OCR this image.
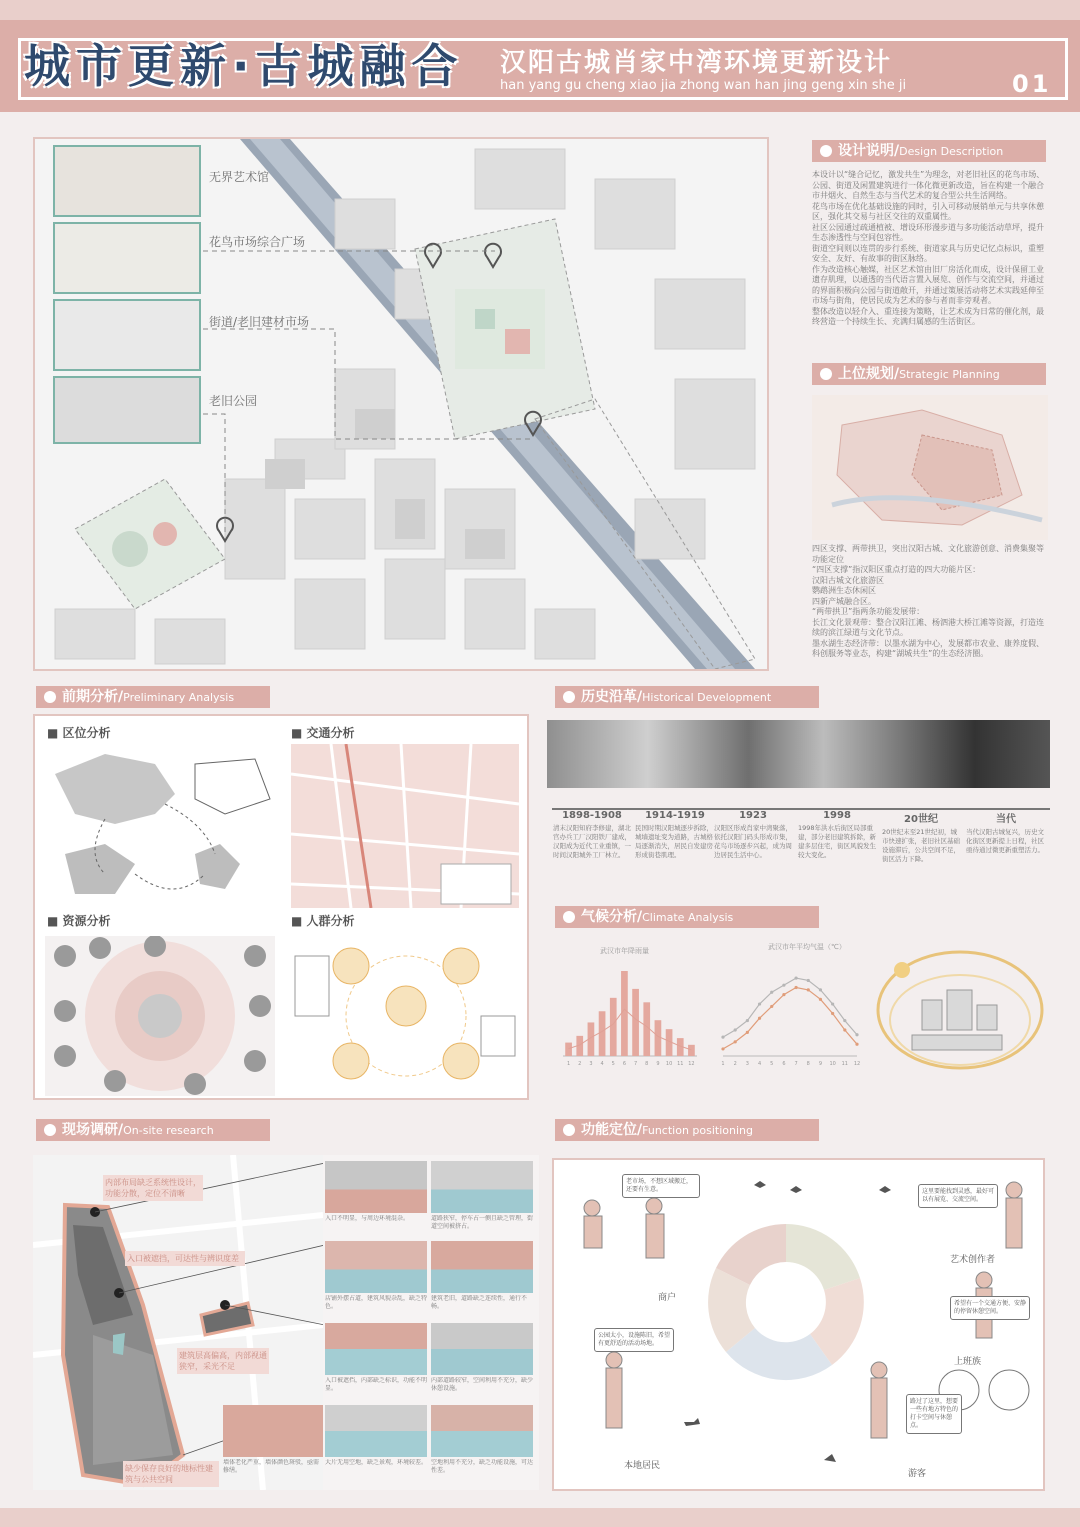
城市更新·古城融合 汉阳古城肖家中湾环境更新设计
han yang gu cheng xiao jia zhong wan han jing geng xin she ji	01
无界艺术馆
花鸟市场综合广场
街道/老旧建材市场
老旧公园
设计说明/Design Description
本设计以“缝合记忆，激发共生”为理念，对老旧社区的花鸟市场、公园、街道及闲置建筑进行一体化微更新改造，旨在构建一个融合市井烟火、自然生态与当代艺术的复合型公共生活网络。
花鸟市场在优化基础设施的同时，引入可移动展销单元与共享休憩区，强化其交易与社区交往的双重属性。
社区公园通过疏通植被、增设环形漫步道与多功能活动草坪，提升生态渗透性与空间包容性。
街道空间则以连贯的步行系统、街道家具与历史记忆点标识，重塑安全、友好、有故事的街区脉络。
作为改造核心触媒，社区艺术馆由旧厂房活化而成，设计保留工业遗存肌理，以通透的当代语言置入展览、创作与交流空间，并通过的界面积极向公园与街道敞开，并通过策展活动将艺术实践延伸至市场与街角，使居民成为艺术的参与者而非旁观者。
整体改造以轻介入、重连接为策略，让艺术成为日常的催化剂，最终营造一个持续生长、充满归属感的生活街区。
上位规划/Strategic Planning
四区支撑、两带拱卫，突出汉阳古城、文化旅游创意、消费集聚等功能定位
“四区支撑”指汉阳区重点打造的四大功能片区：
汉阳古城文化旅游区
鹦鹉洲生态休闲区
四新产城融合区。
“两带拱卫”指两条功能发展带：
长江文化景观带：整合汉阳江滩、杨泗港大桥江滩等资源，打造连续的滨江绿道与文化节点。
墨水湖生态经济带：以墨水湖为中心，发展都市农业、康养度假、科创服务等业态，构建“湖城共生”的生态经济圈。
前期分析/Preliminary Analysis
■ 区位分析	■ 交通分析
■ 资源分析	■ 人群分析
历史沿革/Historical Development
1898-1908
清末汉阳知府李修建，湖北官办兵工厂汉阳铁厂建成，汉阳成为近代工业重镇，一时间汉阳城外工厂林立。
1914-1919
民国时期汉阳城逐步拆除，城墙遗址变为道路，古城格局逐渐消失，居民自发建房形成街巷肌理。
1923
汉阳区形成肖家中湾聚落，依托汉阳门码头形成市集，花鸟市场逐步兴起，成为周边居民生活中心。
1998
1998年洪水后街区局部重建，部分老旧建筑拆除，新建多层住宅，街区风貌发生较大变化。
20世纪
20世纪末至21世纪初，城市快速扩张，老旧社区基础设施滞后，公共空间不足，街区活力下降。
当代
当代汉阳古城复兴，历史文化街区更新提上日程，社区亟待通过微更新重塑活力。
气候分析/Climate Analysis
武汉市年降雨量
1 2 3 4 5 6 7 8 9 10 11 12
武汉市年平均气温（℃）
1 2 3 4 5 6 7 8 9 10 11 12
现场调研/On-site research
内部布局缺乏系统性设计，功能分散，定位不清晰
入口被遮挡，可达性与辨识度差
建筑层高偏高，内部视通狭窄，采光不足
缺少保存良好的地标性建筑与公共空间
入口不明显，与周边环境混杂。	道路狭窄，停车占一侧且缺乏管理，街道空间被挤占。
店铺外摆占道，建筑风貌杂乱，缺乏特色。
建筑老旧，道路缺乏连续性，通行不畅。
入口被遮挡，内部缺乏标识，功能不明显。
内部道路较窄，空间利用不充分，缺少休憩设施。
墙体老化严重，墙体颜色斑驳，亟需修缮。
大片无用空地，缺乏景观，环境较差。 空地利用不充分，缺乏功能设施，可达性差。
功能定位/Function positioning
老市场，不想区域搬迁，还要有生意。	这里要能找到灵感，最好可以有展览、交流空间。
希望有一个交通方便、安静的停留休憩空间。
公园太小，设施陈旧，希望有更舒适的活动场地。
路过了这里，想要一些有地方特色的打卡空间与休憩点。
商户
艺术创作者
上班族
本地居民
游客
